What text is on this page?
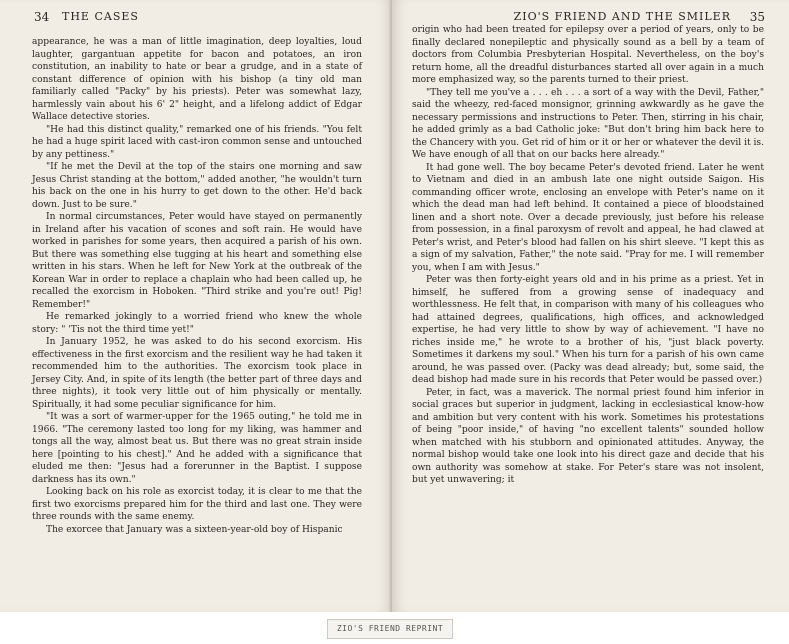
34 THE CASES

appearance, he was a man of little imagination, deep loyalties, loud laughter, gargantuan appetite for bacon and potatoes, an iron constitution, an inability to hate or bear a grudge, and in a state of constant difference of opinion with his bishop (a tiny old man familiarly called "Packy" by his priests). Peter was somewhat lazy, harmlessly vain about his 6' 2" height, and a lifelong addict of Edgar Wallace detective stories.

"He had this distinct quality," remarked one of his friends. "You felt he had a huge spirit laced with cast-iron common sense and untouched by any pettiness."

"If he met the Devil at the top of the stairs one morning and saw Jesus Christ standing at the bottom," added another, "he wouldn't turn his back on the one in his hurry to get down to the other. He'd back down. Just to be sure."

In normal circumstances, Peter would have stayed on permanently in Ireland after his vacation of scones and soft rain. He would have worked in parishes for some years, then acquired a parish of his own. But there was something else tugging at his heart and something else written in his stars. When he left for New York at the outbreak of the Korean War in order to replace a chaplain who had been called up, he recalled the exorcism in Hoboken. "Third strike and you're out! Pig! Remember!"

He remarked jokingly to a worried friend who knew the whole story: " 'Tis not the third time yet!"

In January 1952, he was asked to do his second exorcism. His effectiveness in the first exorcism and the resilient way he had taken it recommended him to the authorities. The exorcism took place in Jersey City. And, in spite of its length (the better part of three days and three nights), it took very little out of him physically or mentally. Spiritually, it had some peculiar significance for him.

"It was a sort of warmer-upper for the 1965 outing," he told me in 1966. "The ceremony lasted too long for my liking, was hammer and tongs all the way, almost beat us. But there was no great strain inside here [pointing to his chest]." And he added with a significance that eluded me then: "Jesus had a forerunner in the Baptist. I suppose darkness has its own."

Looking back on his role as exorcist today, it is clear to me that the first two exorcisms prepared him for the third and last one. They were three rounds with the same enemy.

The exorcee that January was a sixteen-year-old boy of Hispanic

ZIO'S FRIEND AND THE SMILER 35

origin who had been treated for epilepsy over a period of years, only to be finally declared nonepileptic and physically sound as a bell by a team of doctors from Columbia Presbyterian Hospital. Nevertheless, on the boy's return home, all the dreadful disturbances started all over again in a much more emphasized way, so the parents turned to their priest.

"They tell me you've a . . . eh . . . a sort of a way with the Devil, Father," said the wheezy, red-faced monsignor, grinning awkwardly as he gave the necessary permissions and instructions to Peter. Then, stirring in his chair, he added grimly as a bad Catholic joke: "But don't bring him back here to the Chancery with you. Get rid of him or it or her or whatever the devil it is. We have enough of all that on our backs here already."

It had gone well. The boy became Peter's devoted friend. Later he went to Vietnam and died in an ambush late one night outside Saigon. His commanding officer wrote, enclosing an envelope with Peter's name on it which the dead man had left behind. It contained a piece of bloodstained linen and a short note. Over a decade previously, just before his release from possession, in a final paroxysm of revolt and appeal, he had clawed at Peter's wrist, and Peter's blood had fallen on his shirt sleeve. "I kept this as a sign of my salvation, Father," the note said. "Pray for me. I will remember you, when I am with Jesus."

Peter was then forty-eight years old and in his prime as a priest. Yet in himself, he suffered from a growing sense of inadequacy and worthlessness. He felt that, in comparison with many of his colleagues who had attained degrees, qualifications, high offices, and acknowledged expertise, he had very little to show by way of achievement. "I have no riches inside me," he wrote to a brother of his, "just black poverty. Sometimes it darkens my soul." When his turn for a parish of his own came around, he was passed over. (Packy was dead already; but, some said, the dead bishop had made sure in his records that Peter would be passed over.)

Peter, in fact, was a maverick. The normal priest found him inferior in social graces but superior in judgment, lacking in ecclesiastical know-how and ambition but very content with his work. Sometimes his protestations of being "poor inside," of having "no excellent talents" sounded hollow when matched with his stubborn and opinionated attitudes. Anyway, the normal bishop would take one look into his direct gaze and decide that his own authority was somehow at stake. For Peter's stare was not insolent, but yet unwavering; it

ZIO'S FRIEND REPRINT
